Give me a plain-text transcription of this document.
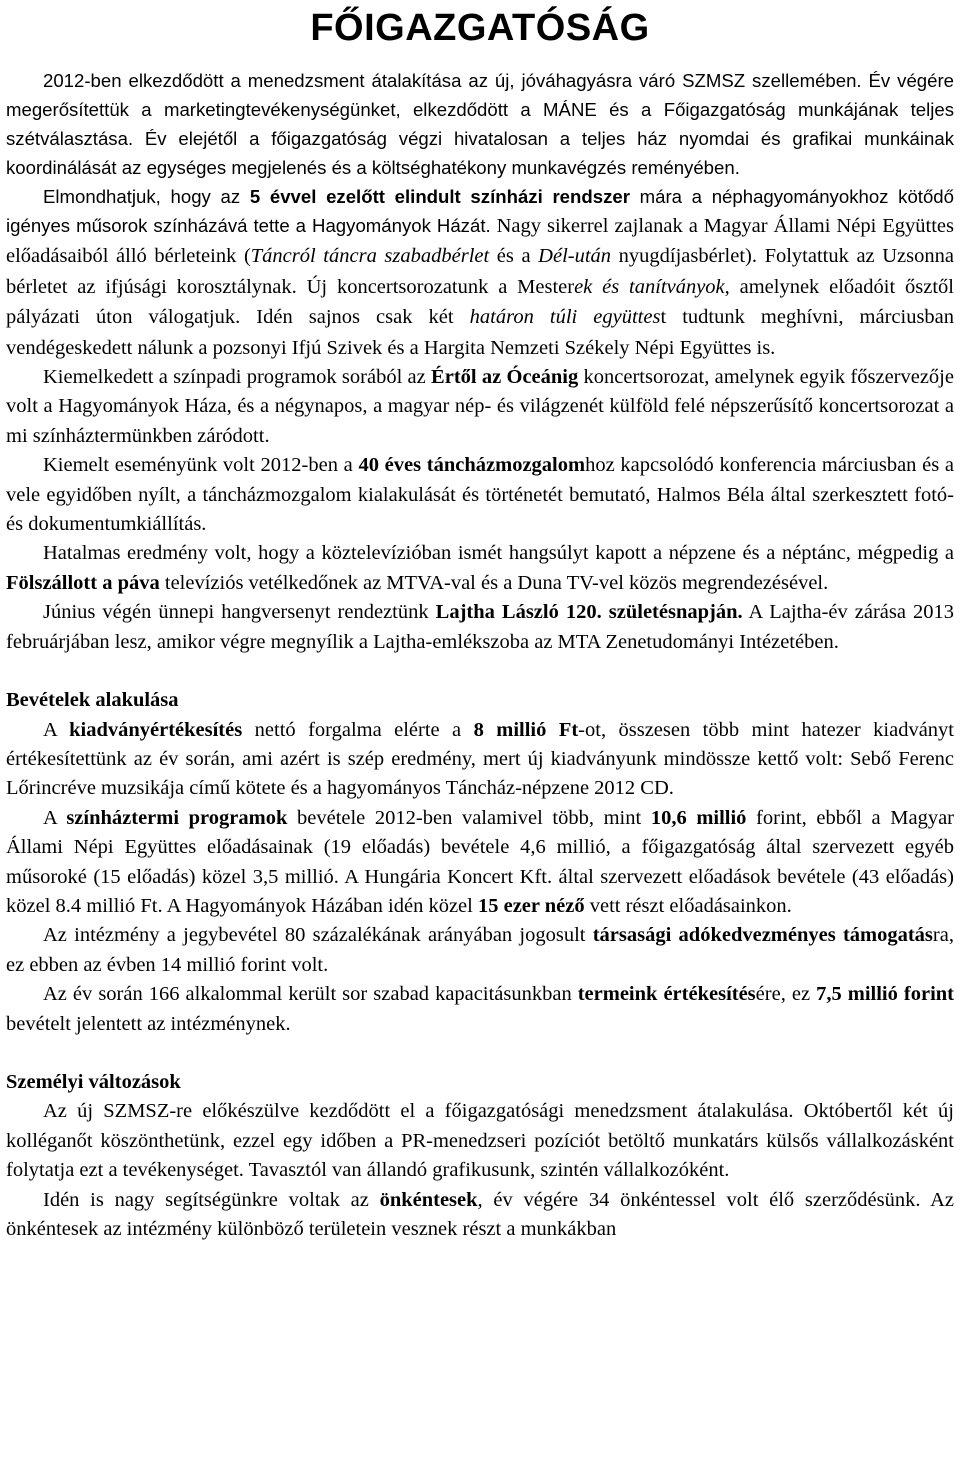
FŐIGAZGATÓSÁG

2012-ben elkezdődött a menedzsment átalakítása az új, jóváhagyásra váró SZMSZ szellemében. Év végére megerősítettük a marketingtevékenységünket, elkezdődött a MÁNE és a Főigazgatóság munkájának teljes szétválasztása. Év elejétől a főigazgatóság végzi hivatalosan a teljes ház nyomdai és grafikai munkáinak koordinálását az egységes megjelenés és a költséghatékony munkavégzés reményében.

Elmondhatjuk, hogy az 5 évvel ezelőtt elindult színházi rendszer mára a néphagyományokhoz kötődő igényes műsorok színházává tette a Hagyományok Házát. Nagy sikerrel zajlanak a Magyar Állami Népi Együttes előadásaiból álló bérleteink (Táncról táncra szabadbérlet és a Dél-után nyugdíjasbérlet). Folytattuk az Uzsonna bérletet az ifjúsági korosztálynak. Új koncertsorozatunk a Mesterek és tanítványok, amelynek előadóit ősztől pályázati úton válogatjuk. Idén sajnos csak két határon túli együttest tudtunk meghívni, márciusban vendégeskedett nálunk a pozsonyi Ifjú Szivek és a Hargita Nemzeti Székely Népi Együttes is.

Kiemelkedett a színpadi programok sorából az Értől az Óceánig koncertsorozat, amelynek egyik főszervezője volt a Hagyományok Háza, és a négynapos, a magyar nép- és világzenét külföld felé népszerűsítő koncertsorozat a mi színháztermünkben záródott.

Kiemelt eseményünk volt 2012-ben a 40 éves táncházmozgalomhoz kapcsolódó konferencia márciusban és a vele egyidőben nyílt, a táncházmozgalom kialakulását és történetét bemutató, Halmos Béla által szerkesztett fotó- és dokumentumkiállítás.

Hatalmas eredmény volt, hogy a köztelevízióban ismét hangsúlyt kapott a népzene és a néptánc, mégpedig a Fölszállott a páva televíziós vetélkedőnek az MTVA-val és a Duna TV-vel közös megrendezésével.

Június végén ünnepi hangversenyt rendeztünk Lajtha László 120. születésnapján. A Lajtha-év zárása 2013 februárjában lesz, amikor végre megnyílik a Lajtha-emlékszoba az MTA Zenetudományi Intézetében.

Bevételek alakulása

A kiadványértékesítés nettó forgalma elérte a 8 millió Ft-ot, összesen több mint hatezer kiadványt értékesítettünk az év során, ami azért is szép eredmény, mert új kiadványunk mindössze kettő volt: Sebő Ferenc Lőrincréve muzsikája című kötete és a hagyományos Táncház-népzene 2012 CD.

A színháztermi programok bevétele 2012-ben valamivel több, mint 10,6 millió forint, ebből a Magyar Állami Népi Együttes előadásainak (19 előadás) bevétele 4,6 millió, a főigazgatóság által szervezett egyéb műsoroké (15 előadás) közel 3,5 millió. A Hungária Koncert Kft. által szervezett előadások bevétele (43 előadás) közel 8.4 millió Ft. A Hagyományok Házában idén közel 15 ezer néző vett részt előadásainkon.

Az intézmény a jegybevétel 80 százalékának arányában jogosult társasági adókedvezményes támogatásra, ez ebben az évben 14 millió forint volt.

Az év során 166 alkalommal került sor szabad kapacitásunkban termeink értékesítésére, ez 7,5 millió forint bevételt jelentett az intézménynek.

Személyi változások

Az új SZMSZ-re előkészülve kezdődött el a főigazgatósági menedzsment átalakulása. Októbertől két új kolléganőt köszönthetünk, ezzel egy időben a PR-menedzseri pozíciót betöltő munkatárs külsős vállalkozásként folytatja ezt a tevékenységet. Tavasztól van állandó grafikusunk, szintén vállalkozóként.

Idén is nagy segítségünkre voltak az önkéntesek, év végére 34 önkéntessel volt élő szerződésünk. Az önkéntesek az intézmény különböző területein vesznek részt a munkákban
